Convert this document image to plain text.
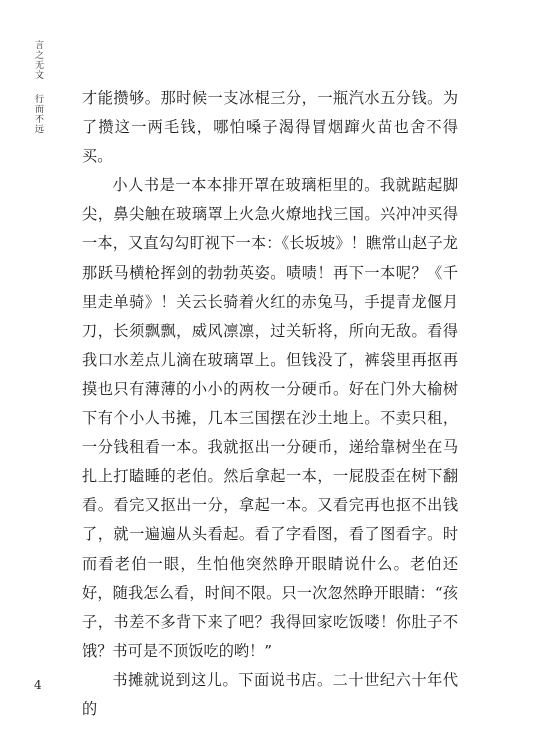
言之无文
行而不远	才能攒够。那时候一支冰棍三分，一瓶汽水五分钱。为了攒这一两毛钱，哪怕嗓子渴得冒烟蹿火苗也舍不得买。

小人书是一本本排开罩在玻璃柜里的。我就踮起脚尖，鼻尖触在玻璃罩上火急火燎地找三国。兴冲冲买得一本，又直勾勾盯视下一本：《长坂坡》！瞧常山赵子龙那跃马横枪挥剑的勃勃英姿。啧啧！再下一本呢？《千里走单骑》！关云长骑着火红的赤兔马，手提青龙偃月刀，长须飘飘，威风凛凛，过关斩将，所向无敌。看得我口水差点儿滴在玻璃罩上。但钱没了，裤袋里再抠再摸也只有薄薄的小小的两枚一分硬币。好在门外大榆树下有个小人书摊，几本三国摆在沙土地上。不卖只租，一分钱租看一本。我就抠出一分硬币，递给靠树坐在马扎上打瞌睡的老伯。然后拿起一本，一屁股歪在树下翻看。看完又抠出一分，拿起一本。又看完再也抠不出钱了，就一遍遍从头看起。看了字看图，看了图看字。时而看老伯一眼，生怕他突然睁开眼睛说什么。老伯还好，随我怎么看，时间不限。只一次忽然睁开眼睛：“孩子，书差不多背下来了吧？我得回家吃饭喽！你肚子不饿？书可是不顶饭吃的哟！”

书摊就说到这儿。下面说书店。二十世纪六十年代的

4
